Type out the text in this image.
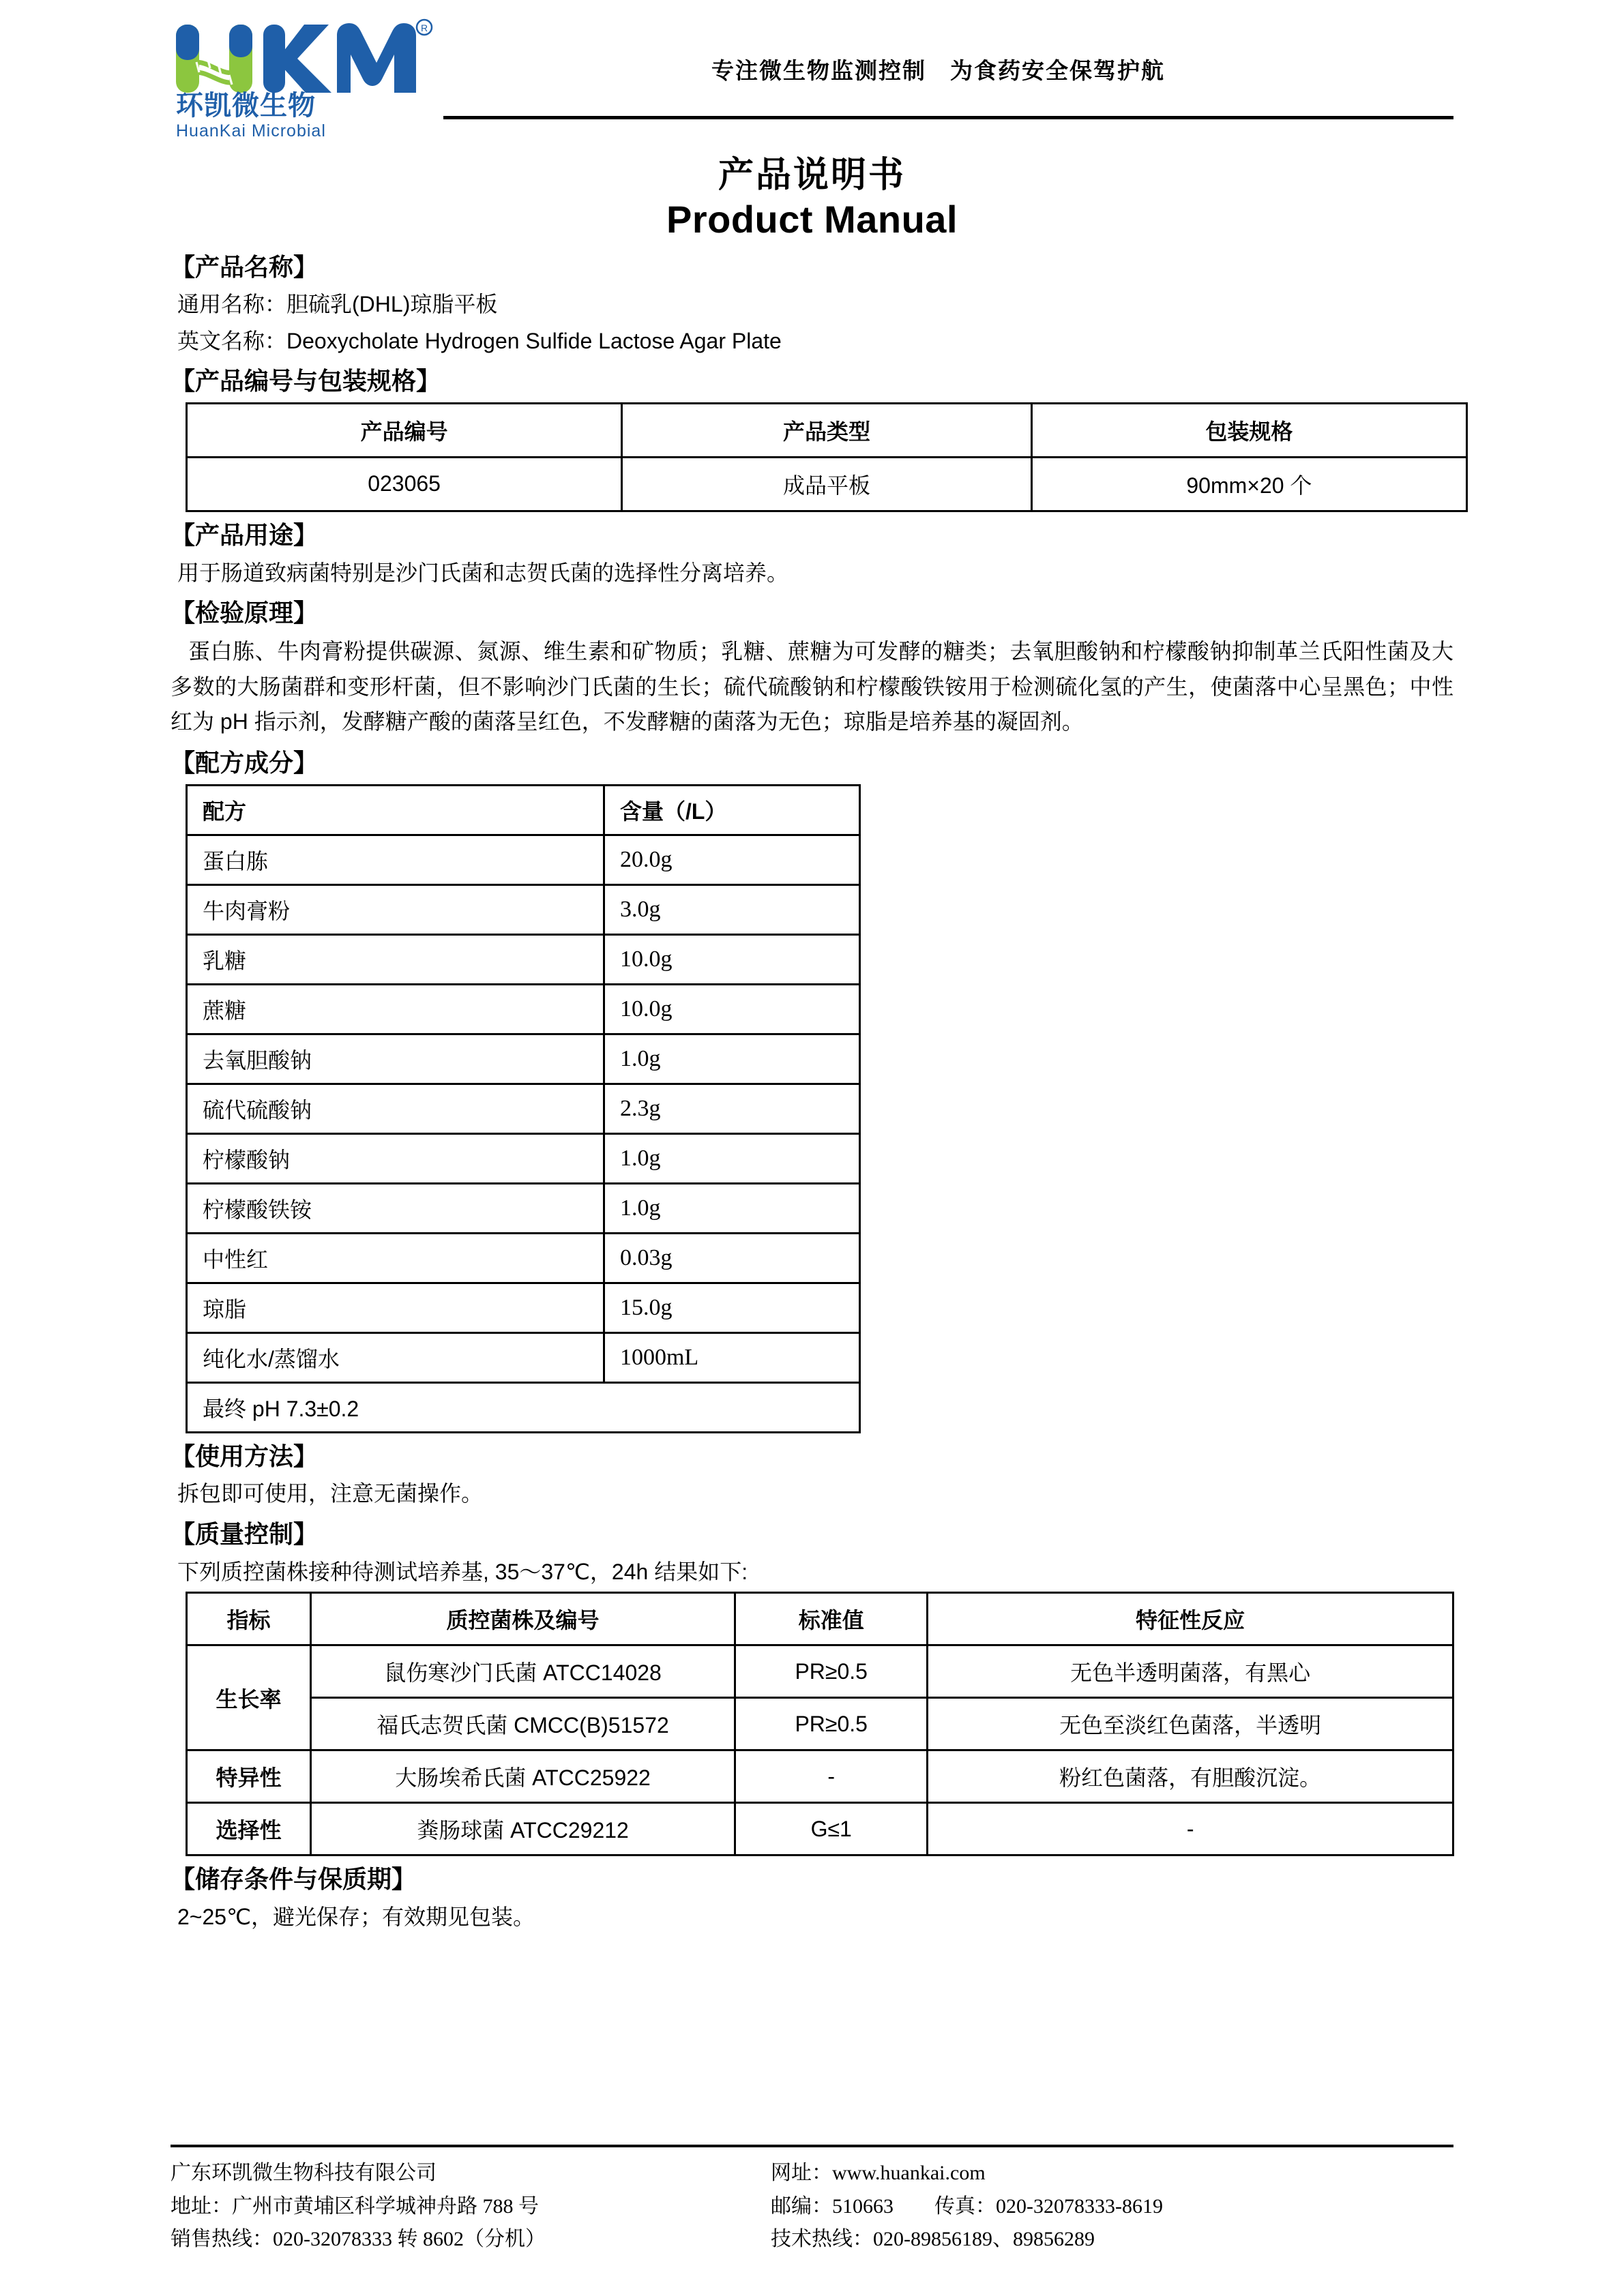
R
环凯微生物
HuanKai Microbial
专注微生物监测控制　为食药安全保驾护航
产品说明书
Product Manual
【产品名称】
通用名称：胆硫乳(DHL)琼脂平板
英文名称：Deoxycholate Hydrogen Sulfide Lactose Agar Plate
【产品编号与包装规格】
产品编号	产品类型	包装规格
023065	成品平板	90mm×20 个
【产品用途】
用于肠道致病菌特别是沙门氏菌和志贺氏菌的选择性分离培养。
【检验原理】
蛋白胨、牛肉膏粉提供碳源、氮源、维生素和矿物质；乳糖、蔗糖为可发酵的糖类；去氧胆酸钠和柠檬酸钠抑制革兰氏阳性菌及大多数的大肠菌群和变形杆菌，但不影响沙门氏菌的生长；硫代硫酸钠和柠檬酸铁铵用于检测硫化氢的产生，使菌落中心呈黑色；中性红为 pH 指示剂，发酵糖产酸的菌落呈红色，不发酵糖的菌落为无色；琼脂是培养基的凝固剂。
【配方成分】
配方	含量（/L）
蛋白胨	20.0g
牛肉膏粉	3.0g
乳糖	10.0g
蔗糖	10.0g
去氧胆酸钠	1.0g
硫代硫酸钠	2.3g
柠檬酸钠	1.0g
柠檬酸铁铵	1.0g
中性红	0.03g
琼脂	15.0g
纯化水/蒸馏水	1000mL
最终 pH 7.3±0.2	
【使用方法】
拆包即可使用，注意无菌操作。
【质量控制】
下列质控菌株接种待测试培养基, 35～37℃，24h 结果如下:
指标	质控菌株及编号	标准值	特征性反应
生长率	鼠伤寒沙门氏菌 ATCC14028	PR≥0.5	无色半透明菌落，有黑心
	福氏志贺氏菌 CMCC(B)51572	PR≥0.5	无色至淡红色菌落，半透明
特异性	大肠埃希氏菌 ATCC25922	-	粉红色菌落，有胆酸沉淀。
选择性	粪肠球菌 ATCC29212	G≤1	-
【储存条件与保质期】
2~25℃，避光保存；有效期见包装。
广东环凯微生物科技有限公司
地址：广州市黄埔区科学城神舟路 788 号
销售热线：020-32078333 转 8602（分机）
网址：www.huankai.com
邮编：510663　　传真：020-32078333-8619
技术热线：020-89856189、89856289
